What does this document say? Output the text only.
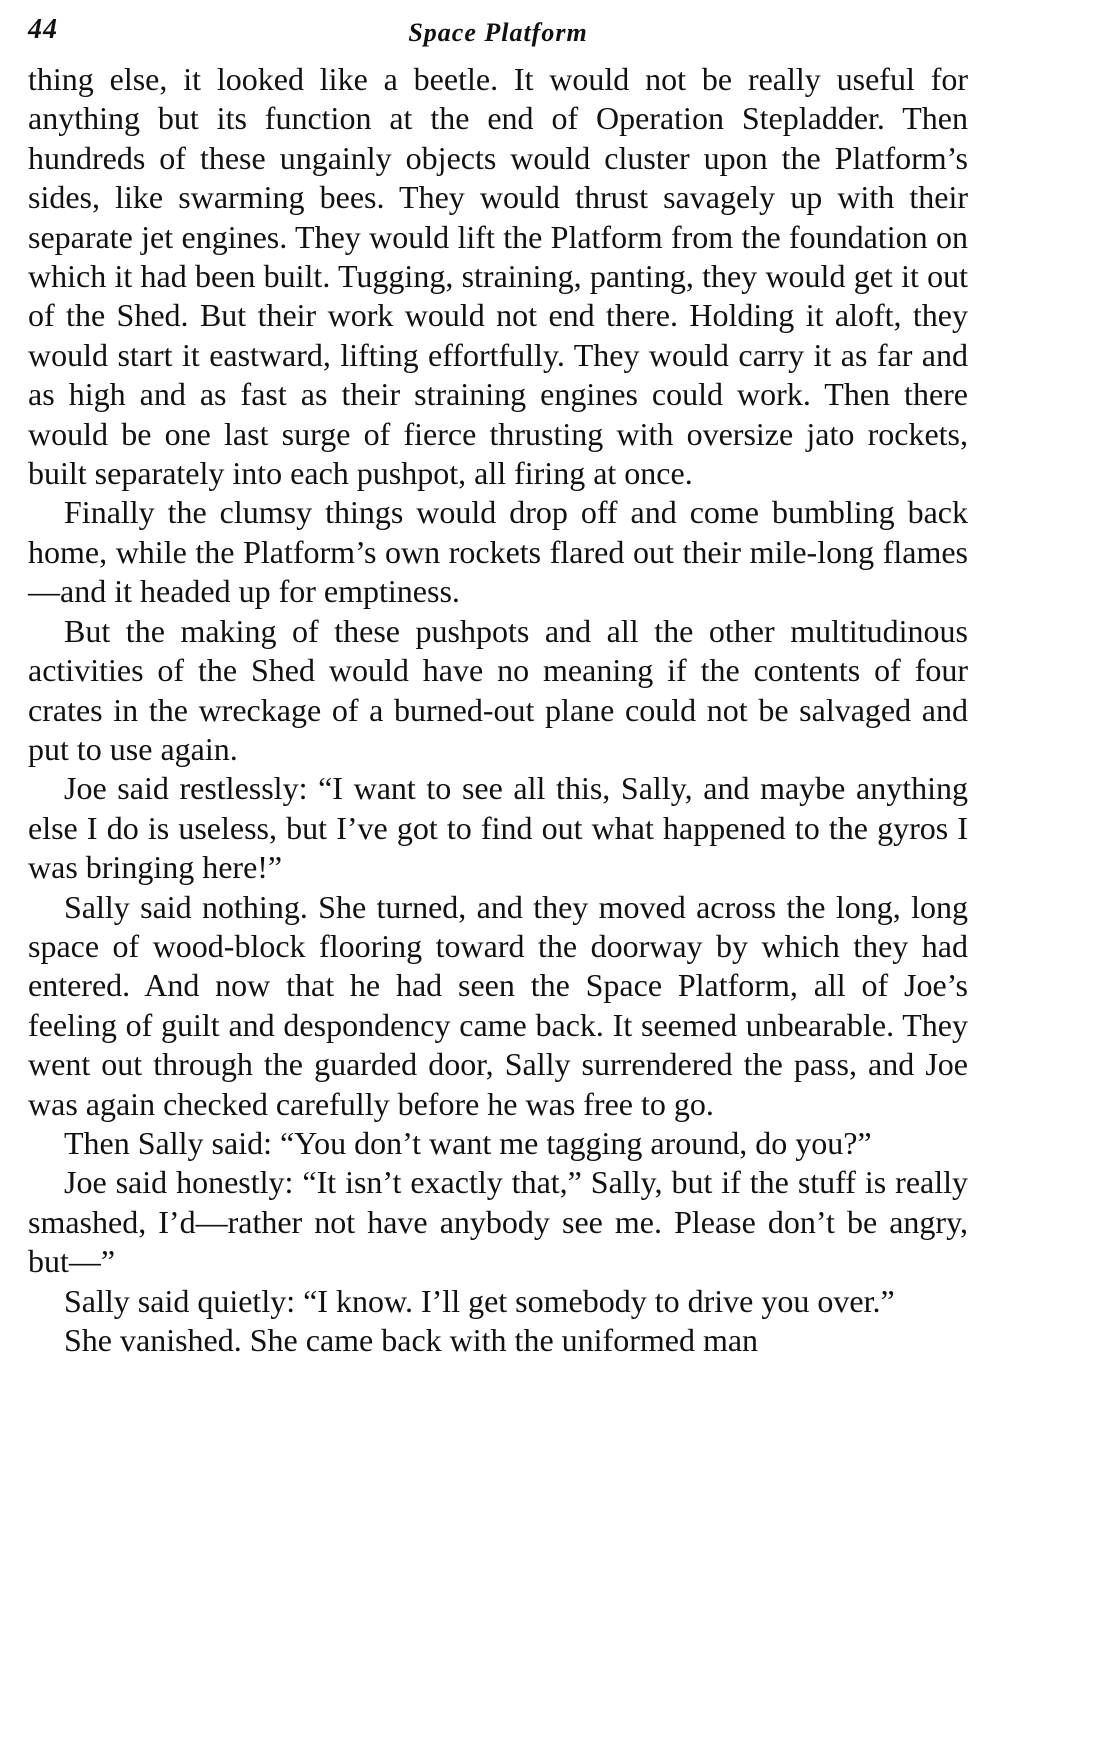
44	Space Platform

thing else, it looked like a beetle. It would not be really useful for anything but its function at the end of Operation Stepladder. Then hundreds of these ungainly objects would cluster upon the Platform’s sides, like swarming bees. They would thrust savagely up with their separate jet engines. They would lift the Platform from the foundation on which it had been built. Tugging, straining, panting, they would get it out of the Shed. But their work would not end there. Holding it aloft, they would start it eastward, lifting effortfully. They would carry it as far and as high and as fast as their straining engines could work. Then there would be one last surge of fierce thrusting with oversize jato rockets, built separately into each pushpot, all firing at once.

Finally the clumsy things would drop off and come bumbling back home, while the Platform’s own rockets flared out their mile-long flames—and it headed up for emptiness.

But the making of these pushpots and all the other multitudinous activities of the Shed would have no meaning if the contents of four crates in the wreckage of a burned-out plane could not be salvaged and put to use again.

Joe said restlessly: “I want to see all this, Sally, and maybe anything else I do is useless, but I’ve got to find out what happened to the gyros I was bringing here!”

Sally said nothing. She turned, and they moved across the long, long space of wood-block flooring toward the doorway by which they had entered. And now that he had seen the Space Platform, all of Joe’s feeling of guilt and despondency came back. It seemed unbearable. They went out through the guarded door, Sally surrendered the pass, and Joe was again checked carefully before he was free to go.

Then Sally said: “You don’t want me tagging around, do you?”

Joe said honestly: “It isn’t exactly that,” Sally, but if the stuff is really smashed, I’d—rather not have anybody see me. Please don’t be angry, but—”

Sally said quietly: “I know. I’ll get somebody to drive you over.”

She vanished. She came back with the uniformed man
